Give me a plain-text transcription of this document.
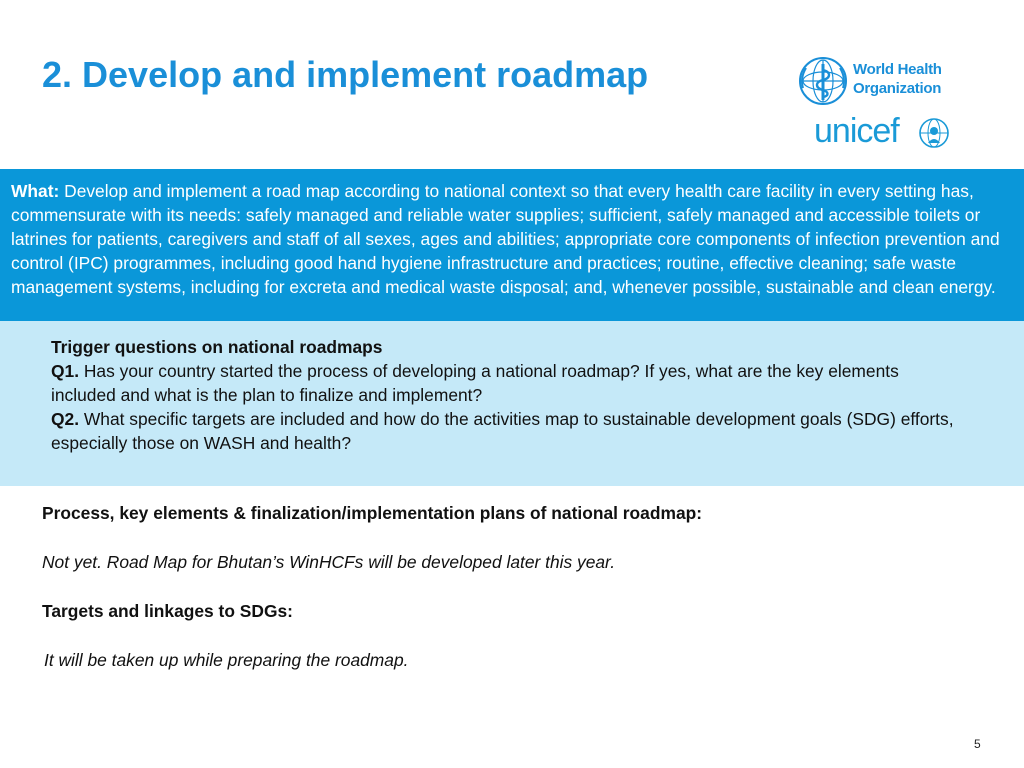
2. Develop and implement roadmap	World Health
Organization
unicef
What: Develop and implement a road map according to national context so that every health care facility in every setting has, commensurate with its needs: safely managed and reliable water supplies; sufficient, safely managed and accessible toilets or latrines for patients, caregivers and staff of all sexes, ages and abilities; appropriate core components of infection prevention and control (IPC) programmes, including good hand hygiene infrastructure and practices; routine, effective cleaning; safe waste management systems, including for excreta and medical waste disposal; and, whenever possible, sustainable and clean energy.

Trigger questions on national roadmaps

Q1. Has your country started the process of developing a national roadmap? If yes, what are the key elements included and what is the plan to finalize and implement?

Q2. What specific targets are included and how do the activities map to sustainable development goals (SDG) efforts, especially those on WASH and health?

Process, key elements & finalization/implementation plans of national roadmap:

Not yet. Road Map for Bhutan’s WinHCFs will be developed later this year.

Targets and linkages to SDGs:

It will be taken up while preparing the roadmap.

5
